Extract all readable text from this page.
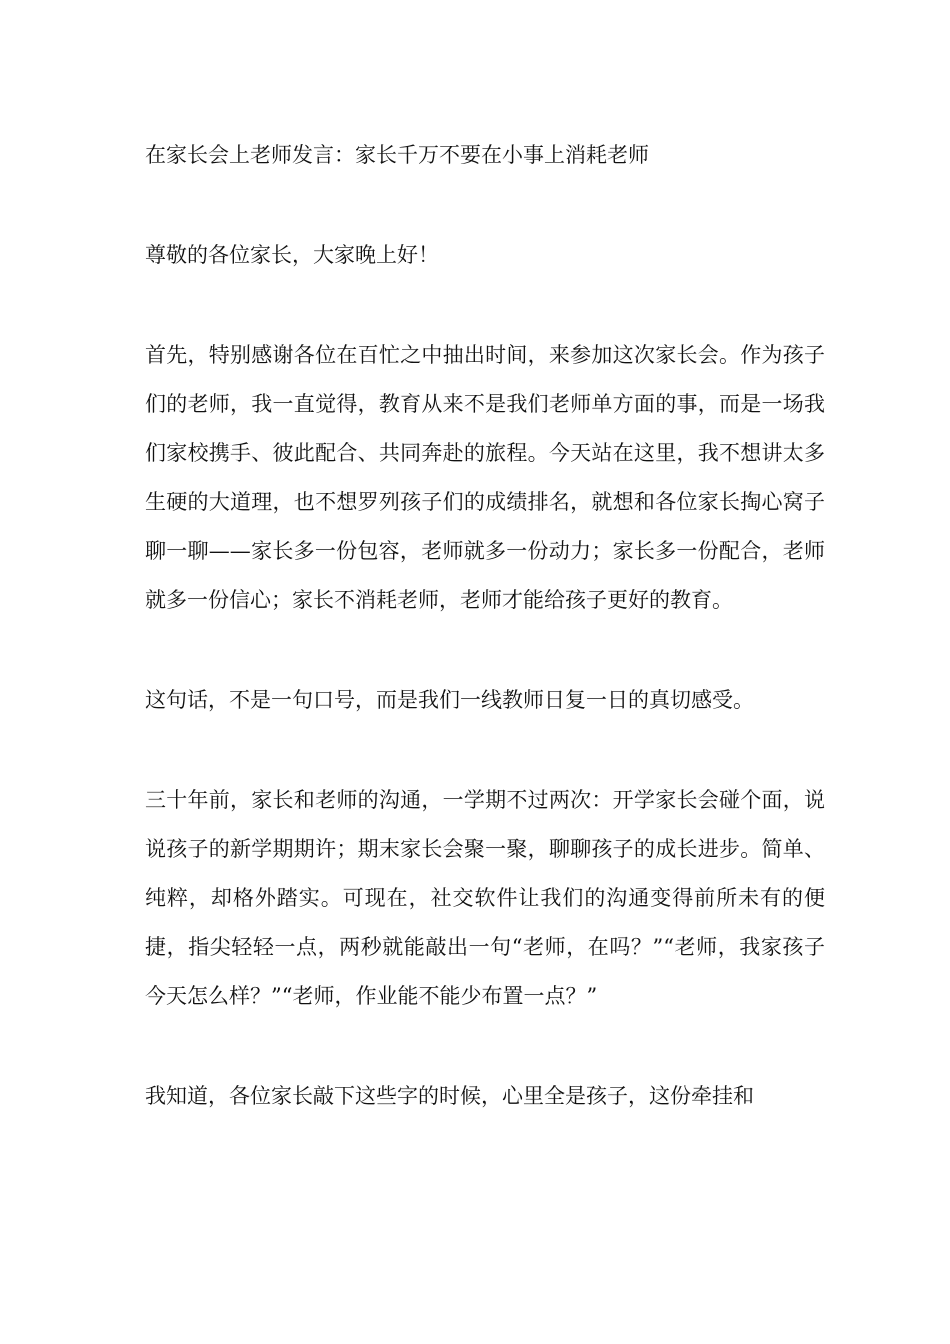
在家长会上老师发言：家长千万不要在小事上消耗老师

尊敬的各位家长，大家晚上好！

首先，特别感谢各位在百忙之中抽出时间，来参加这次家长会。作为孩子们的老师，我一直觉得，教育从来不是我们老师单方面的事，而是一场我们家校携手、彼此配合、共同奔赴的旅程。今天站在这里，我不想讲太多生硬的大道理，也不想罗列孩子们的成绩排名，就想和各位家长掏心窝子聊一聊——家长多一份包容，老师就多一份动力；家长多一份配合，老师就多一份信心；家长不消耗老师，老师才能给孩子更好的教育。

这句话，不是一句口号，而是我们一线教师日复一日的真切感受。

三十年前，家长和老师的沟通，一学期不过两次：开学家长会碰个面，说说孩子的新学期期许；期末家长会聚一聚，聊聊孩子的成长进步。简单、纯粹，却格外踏实。可现在，社交软件让我们的沟通变得前所未有的便捷，指尖轻轻一点，两秒就能敲出一句“老师，在吗？”“老师，我家孩子今天怎么样？”“老师，作业能不能少布置一点？”

我知道，各位家长敲下这些字的时候，心里全是孩子，这份牵挂和
